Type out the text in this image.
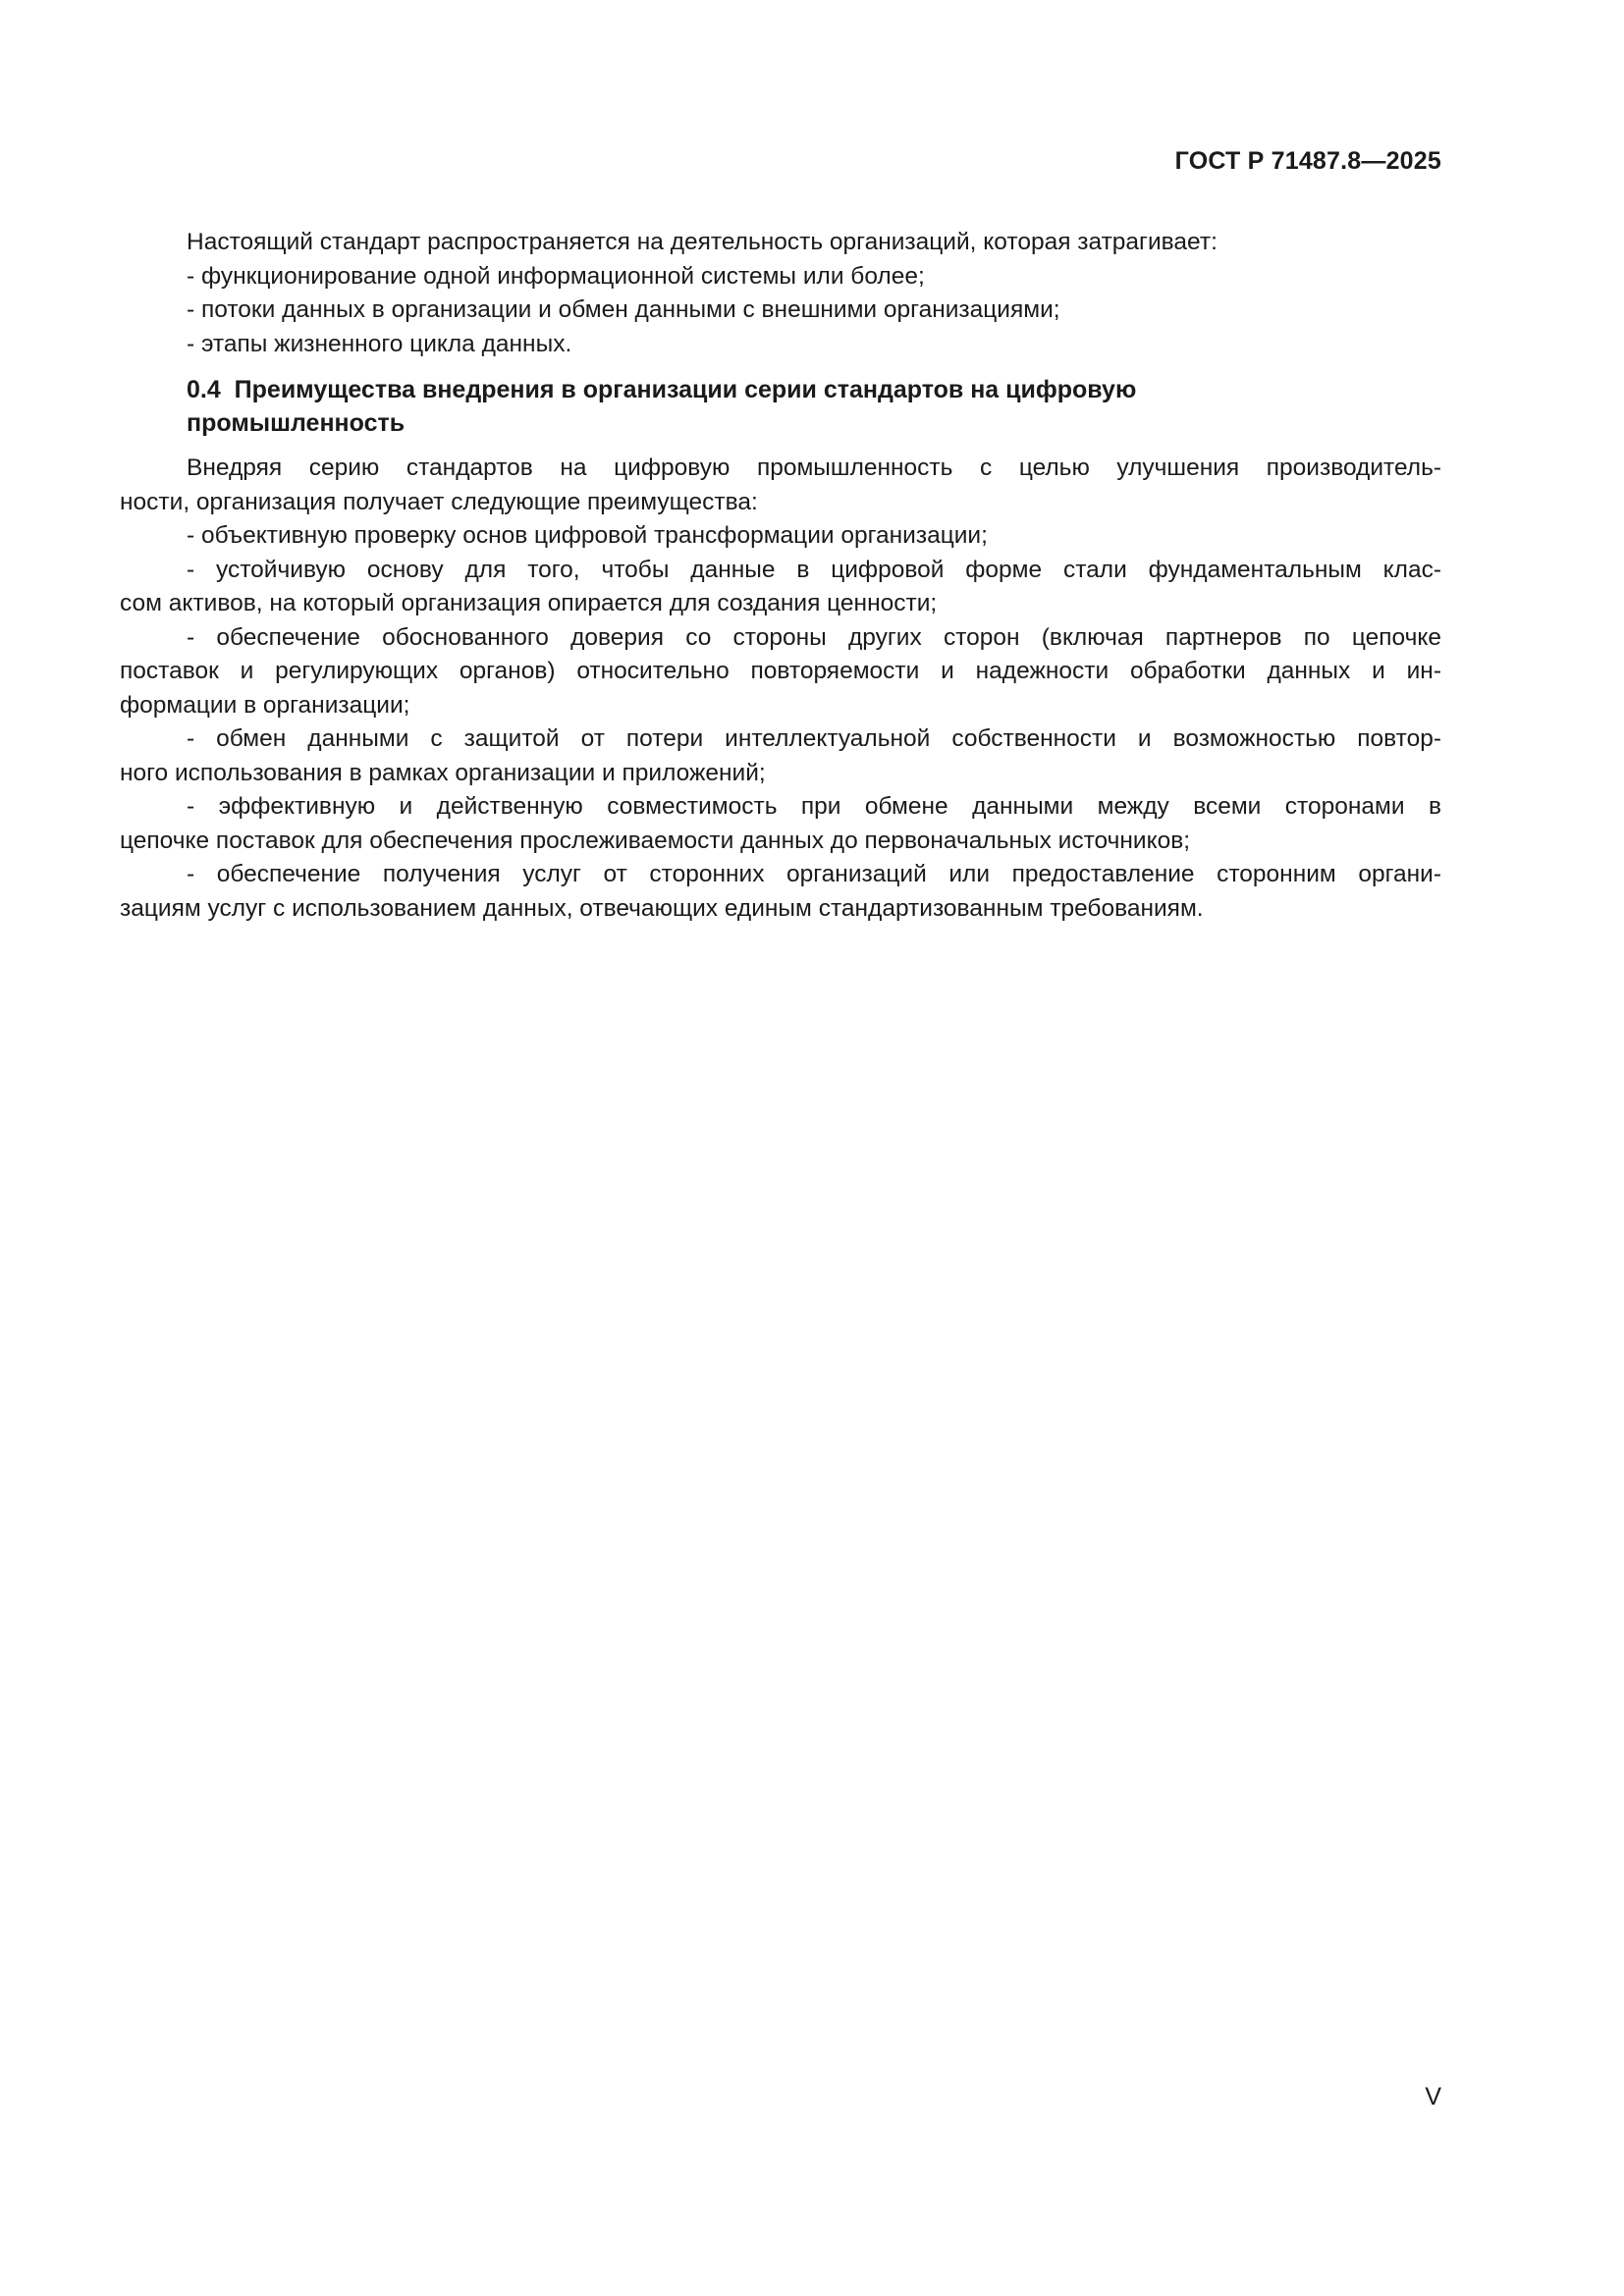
ГОСТ Р 71487.8—2025
Настоящий стандарт распространяется на деятельность организаций, которая затрагивает:
- функционирование одной информационной системы или более;
- потоки данных в организации и обмен данными с внешними организациями;
- этапы жизненного цикла данных.
0.4 Преимущества внедрения в организации серии стандартов на цифровую
промышленность
Внедряя серию стандартов на цифровую промышленность с целью улучшения производитель-
ности, организация получает следующие преимущества:
- объективную проверку основ цифровой трансформации организации;
- устойчивую основу для того, чтобы данные в цифровой форме стали фундаментальным клас-
сом активов, на который организация опирается для создания ценности;
- обеспечение обоснованного доверия со стороны других сторон (включая партнеров по цепочке
поставок и регулирующих органов) относительно повторяемости и надежности обработки данных и ин-
формации в организации;
- обмен данными с защитой от потери интеллектуальной собственности и возможностью повтор-
ного использования в рамках организации и приложений;
- эффективную и действенную совместимость при обмене данными между всеми сторонами в
цепочке поставок для обеспечения прослеживаемости данных до первоначальных источников;
- обеспечение получения услуг от сторонних организаций или предоставление сторонним органи-
зациям услуг с использованием данных, отвечающих единым стандартизованным требованиям.
V
